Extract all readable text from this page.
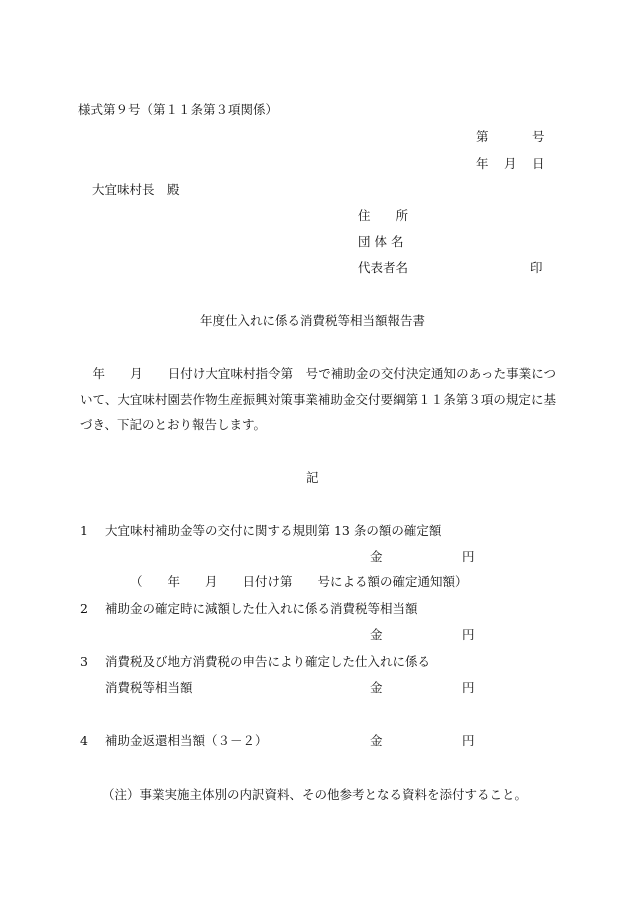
様式第９号（第１１条第３項関係）
第	号
年 月 日
大宜味村長　殿
住　　所
団 体 名
代表者名	印
年度仕入れに係る消費税等相当額報告書
　年　　月　　日付け大宜味村指令第　号で補助金の交付決定通知のあった事業について、大宜味村園芸作物生産振興対策事業補助金交付要綱第１１条第３項の規定に基づき、下記のとおり報告します。
記
1 大宜味村補助金等の交付に関する規則第 13 条の額の確定額
金	円
（　　年　　月　　日付け第　　号による額の確定通知額）
2 補助金の確定時に減額した仕入れに係る消費税等相当額
金	円
3 消費税及び地方消費税の申告により確定した仕入れに係る
消費税等相当額	金	円
4 補助金返還相当額（３－２）	金	円
（注）事業実施主体別の内訳資料、その他参考となる資料を添付すること。
